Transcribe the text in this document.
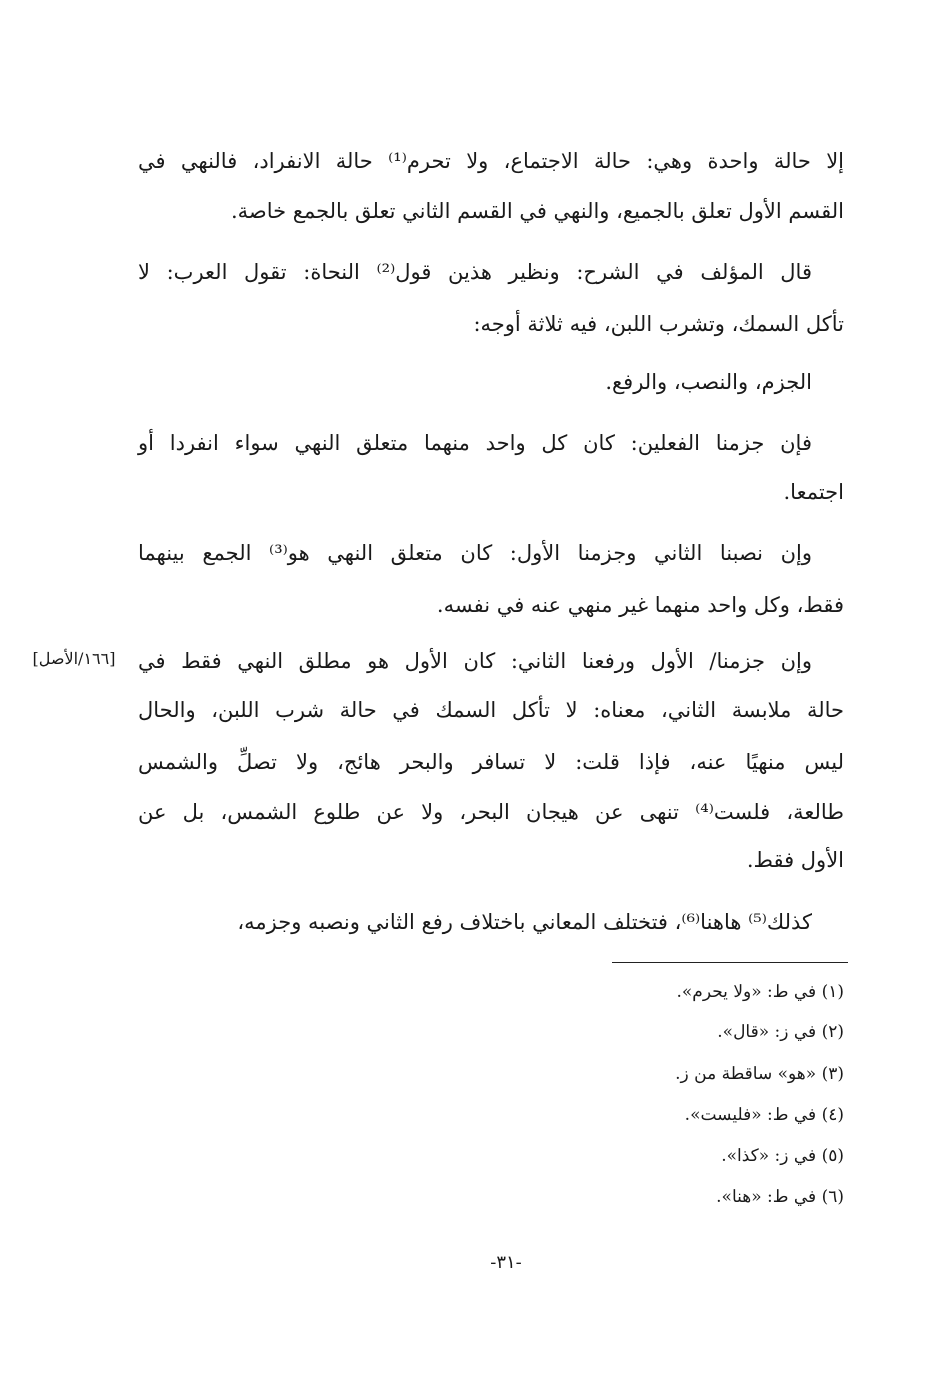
إلا حالة واحدة وهي: حالة الاجتماع، ولا تحرم⁽¹⁾ حالة الانفراد، فالنهي في
القسم الأول تعلق بالجميع، والنهي في القسم الثاني تعلق بالجمع خاصة.
قال المؤلف في الشرح: ونظير هذين قول⁽²⁾ النحاة: تقول العرب: لا
تأكل السمك، وتشرب اللبن، فيه ثلاثة أوجه:
الجزم، والنصب، والرفع.
فإن جزمنا الفعلين: كان كل واحد منهما متعلق النهي سواء انفردا أو
اجتمعا.
وإن نصبنا الثاني وجزمنا الأول: كان متعلق النهي هو⁽³⁾ الجمع بينهما
فقط، وكل واحد منهما غير منهي عنه في نفسه.
وإن جزمنا/ الأول ورفعنا الثاني: كان الأول هو مطلق النهي فقط في
[١٦٦/الأصل]
حالة ملابسة الثاني، معناه: لا تأكل السمك في حالة شرب اللبن، والحال
ليس منهيًا عنه، فإذا قلت: لا تسافر والبحر هائج، ولا تصلِّ والشمس
طالعة، فلست⁽⁴⁾ تنهى عن هيجان البحر، ولا عن طلوع الشمس، بل عن
الأول فقط.
كذلك⁽⁵⁾ هاهنا⁽⁶⁾، فتختلف المعاني باختلاف رفع الثاني ونصبه وجزمه،
(١) في ط: «ولا يحرم».
(٢) في ز: «قال».
(٣) «هو» ساقطة من ز.
(٤) في ط: «فليست».
(٥) في ز: «كذا».
(٦) في ط: «هنا».
-٣١-
